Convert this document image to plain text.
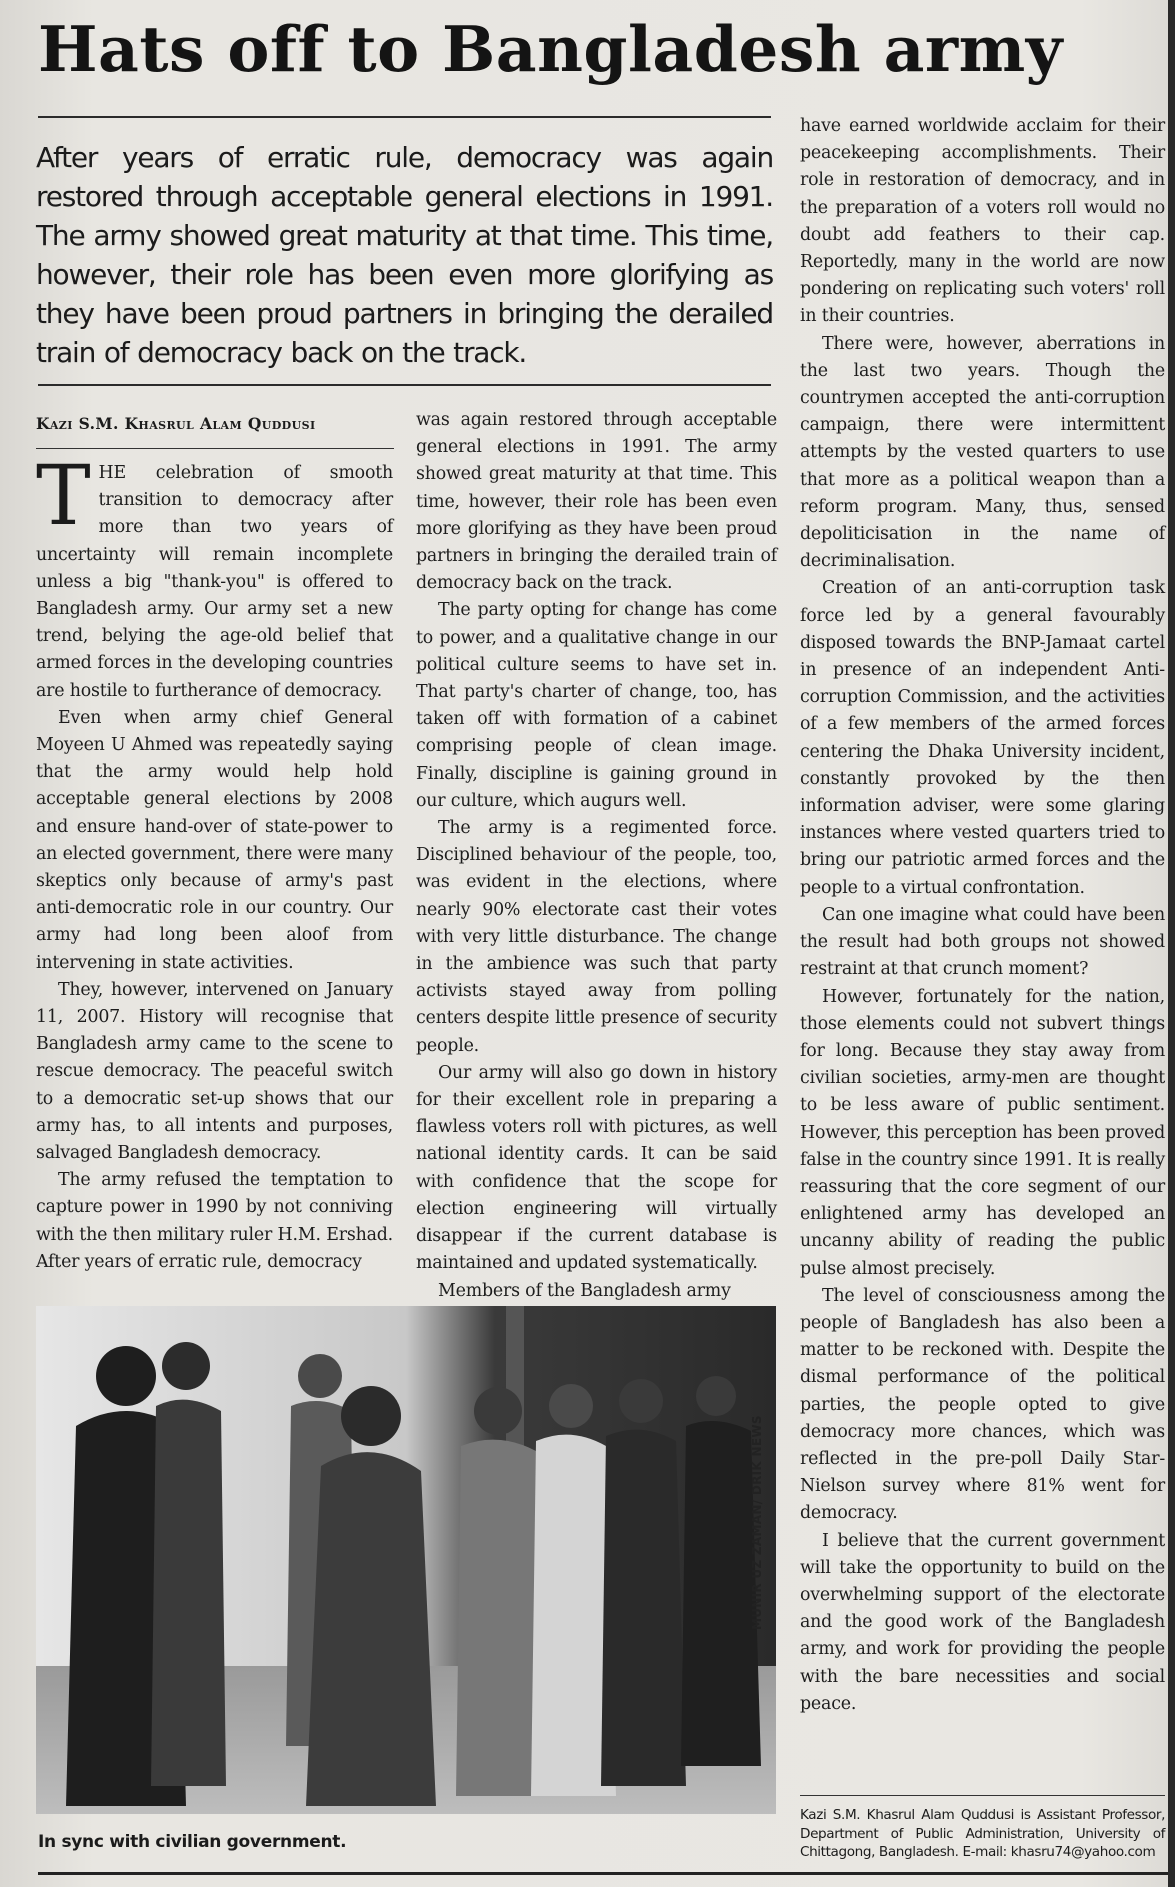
Hats off to Bangladesh army

After years of erratic rule, democracy was again restored through acceptable general elections in 1991. The army showed great maturity at that time. This time, however, their role has been even more glorifying as they have been proud partners in bringing the derailed train of democracy back on the track.

Kazi S.M. Khasrul Alam Quddusi

THE celebration of smooth transition to democracy after more than two years of uncertainty will remain incomplete unless a big "thank-you" is offered to Bangladesh army. Our army set a new trend, belying the age-old belief that armed forces in the developing countries are hostile to furtherance of democracy.

Even when army chief General Moyeen U Ahmed was repeatedly saying that the army would help hold acceptable general elections by 2008 and ensure hand-over of state-power to an elected government, there were many skeptics only because of army's past anti-democratic role in our country. Our army had long been aloof from intervening in state activities.

They, however, intervened on January 11, 2007. History will recognise that Bangladesh army came to the scene to rescue democracy. The peaceful switch to a democratic set-up shows that our army has, to all intents and purposes, salvaged Bangladesh democracy.

The army refused the temptation to capture power in 1990 by not conniving with the then military ruler H.M. Ershad. After years of erratic rule, democracy

was again restored through acceptable general elections in 1991. The army showed great maturity at that time. This time, however, their role has been even more glorifying as they have been proud partners in bringing the derailed train of democracy back on the track.

The party opting for change has come to power, and a qualitative change in our political culture seems to have set in. That party's charter of change, too, has taken off with formation of a cabinet comprising people of clean image. Finally, discipline is gaining ground in our culture, which augurs well.

The army is a regimented force. Disciplined behaviour of the people, too, was evident in the elections, where nearly 90% electorate cast their votes with very little disturbance. The change in the ambience was such that party activists stayed away from polling centers despite little presence of security people.

Our army will also go down in history for their excellent role in preparing a flawless voters roll with pictures, as well national identity cards. It can be said with confidence that the scope for election engineering will virtually disappear if the current database is maintained and updated systematically.

Members of the Bangladesh army

have earned worldwide acclaim for their peacekeeping accomplishments. Their role in restoration of democracy, and in the preparation of a voters roll would no doubt add feathers to their cap. Reportedly, many in the world are now pondering on replicating such voters' roll in their countries.

There were, however, aberrations in the last two years. Though the countrymen accepted the anti-corruption campaign, there were intermittent attempts by the vested quarters to use that more as a political weapon than a reform program. Many, thus, sensed depoliticisation in the name of decriminalisation.

Creation of an anti-corruption task force led by a general favourably disposed towards the BNP-Jamaat cartel in presence of an independent Anti-corruption Commission, and the activities of a few members of the armed forces centering the Dhaka University incident, constantly provoked by the then information adviser, were some glaring instances where vested quarters tried to bring our patriotic armed forces and the people to a virtual confrontation.

Can one imagine what could have been the result had both groups not showed restraint at that crunch moment?

However, fortunately for the nation, those elements could not subvert things for long. Because they stay away from civilian societies, army-men are thought to be less aware of public sentiment. However, this perception has been proved false in the country since 1991. It is really reassuring that the core segment of our enlightened army has developed an uncanny ability of reading the public pulse almost precisely.

The level of consciousness among the people of Bangladesh has also been a matter to be reckoned with. Despite the dismal performance of the political parties, the people opted to give democracy more chances, which was reflected in the pre-poll Daily Star-Nielson survey where 81% went for democracy.

I believe that the current government will take the opportunity to build on the overwhelming support of the electorate and the good work of the Bangladesh army, and work for providing the people with the bare necessities and social peace.

MUNIR UZ ZAMAN/ DRIK NEWS

In sync with civilian government.

Kazi S.M. Khasrul Alam Quddusi is Assistant Professor, Department of Public Administration, University of Chittagong, Bangladesh. E-mail: khasru74@yahoo.com
